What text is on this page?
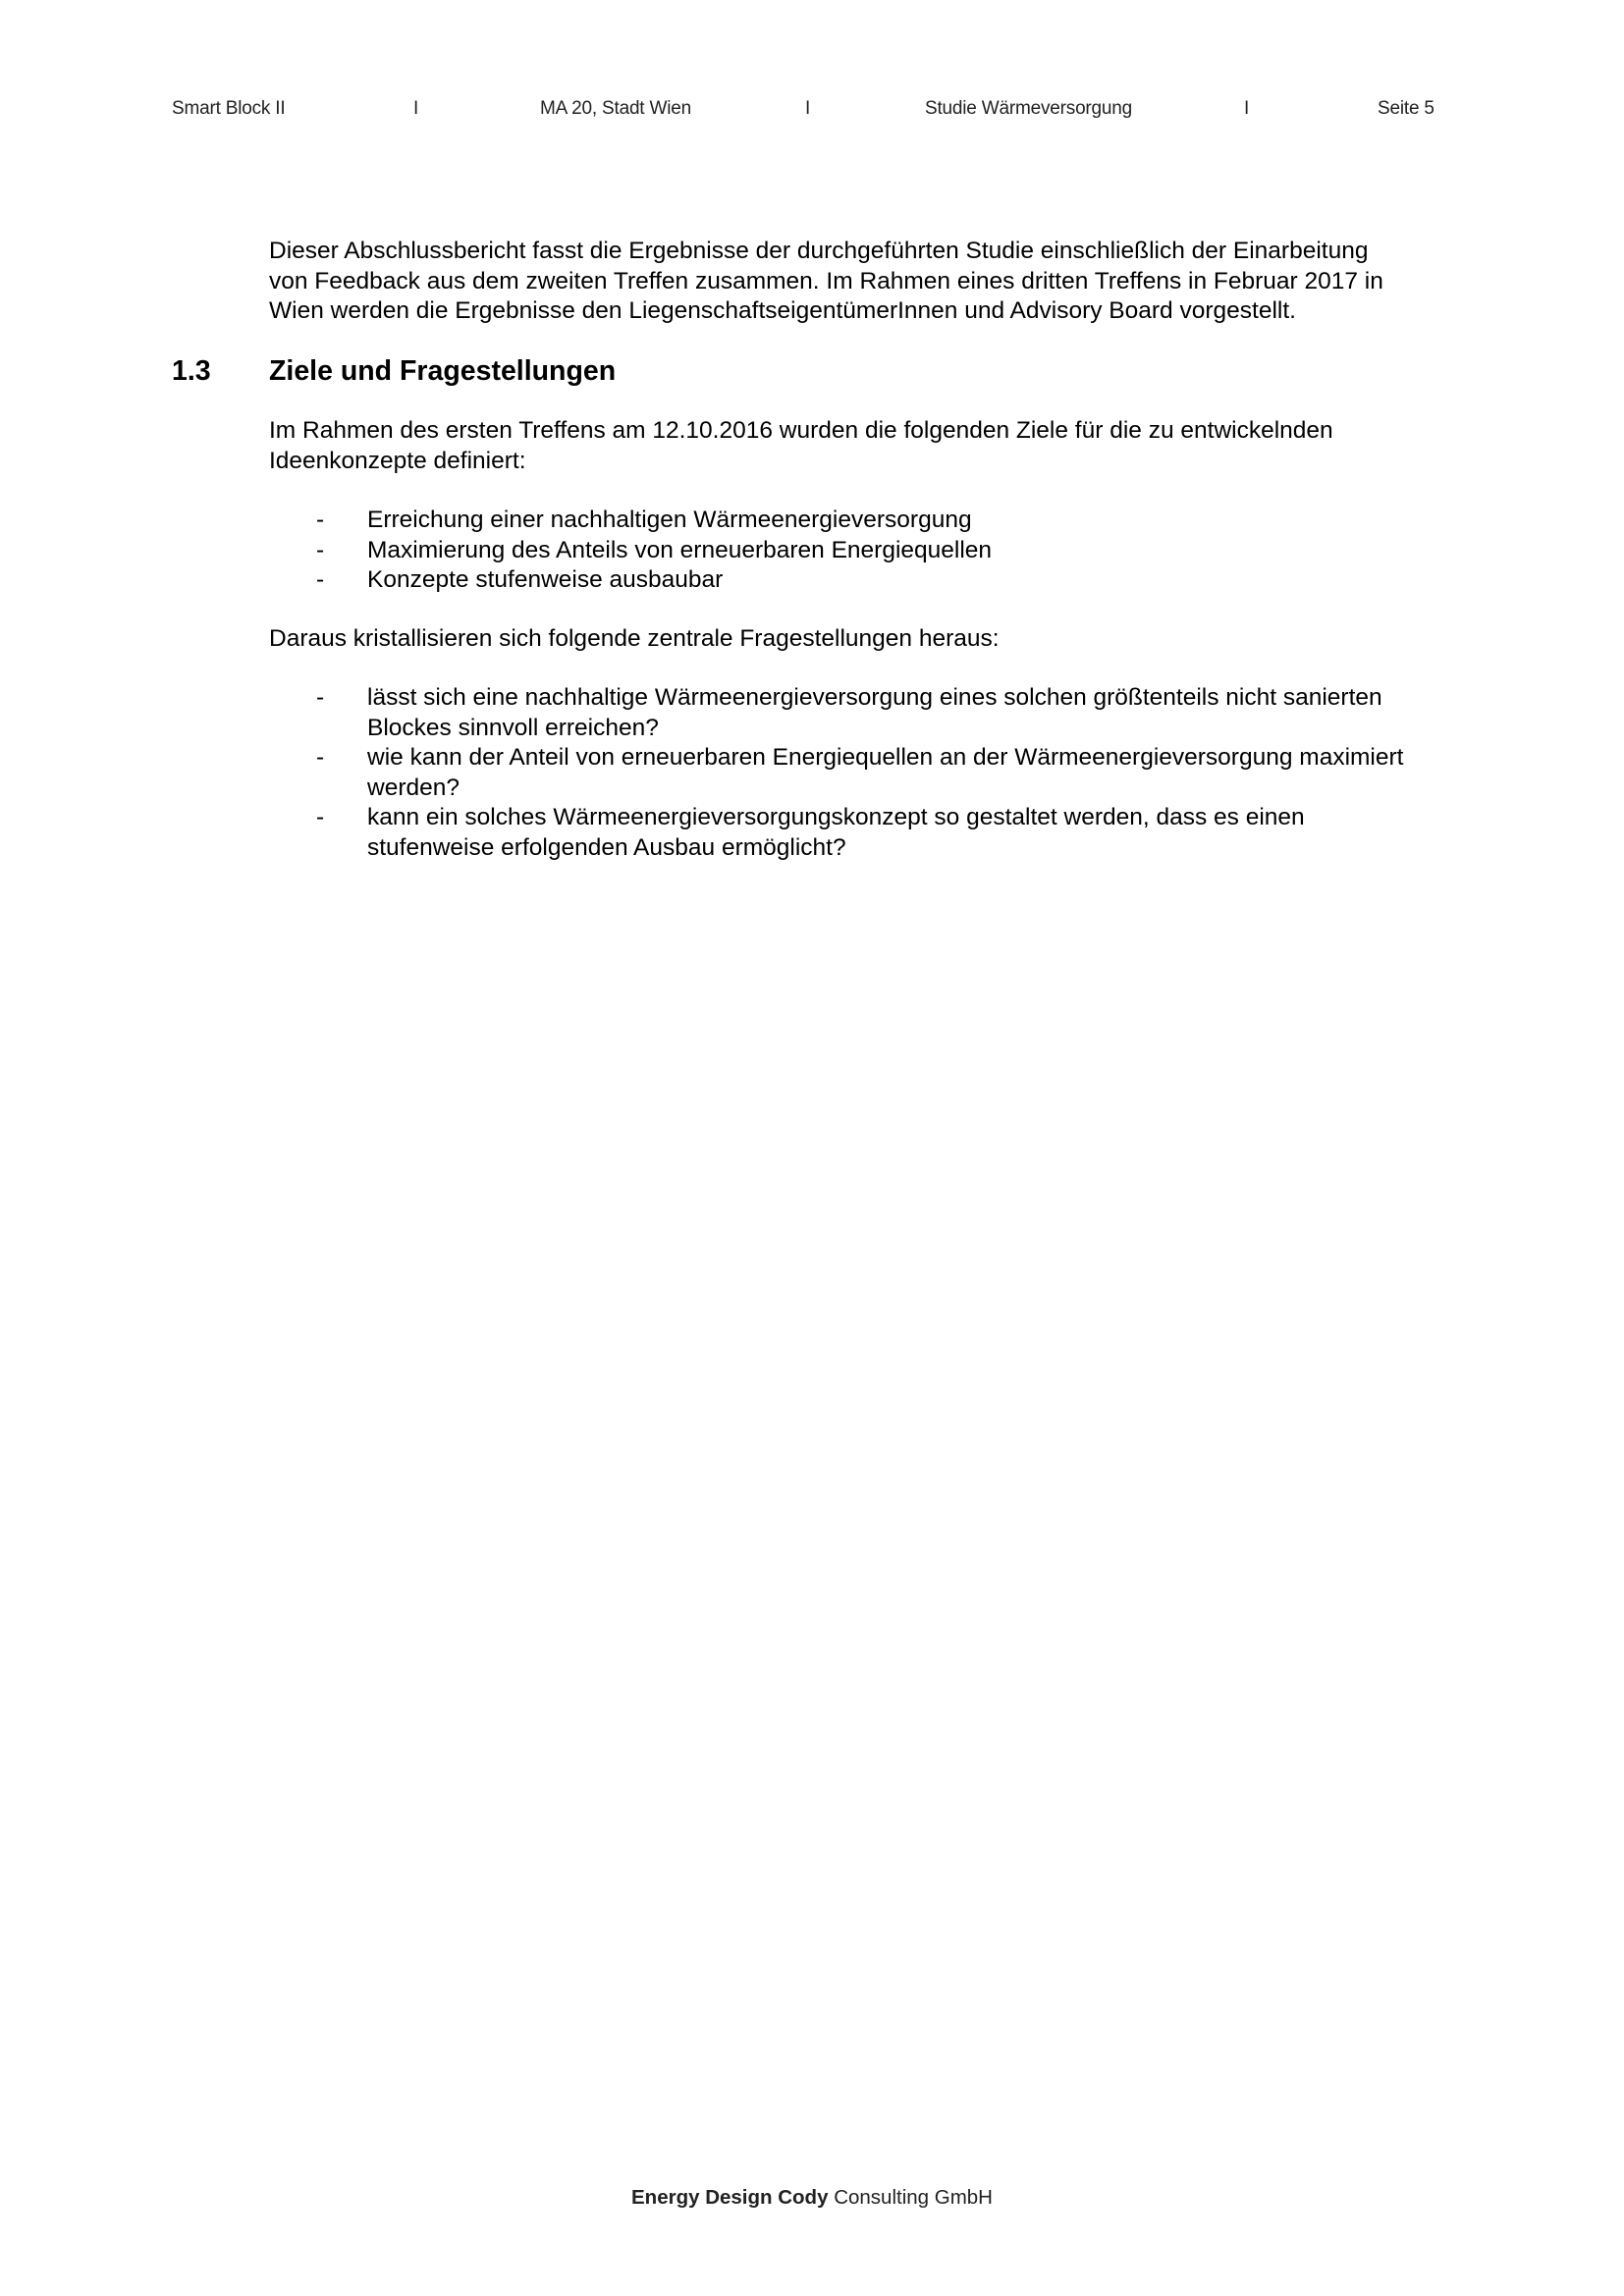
Smart Block II	I	MA 20, Stadt Wien	I	Studie Wärmeversorgung	I	Seite 5

Dieser Abschlussbericht fasst die Ergebnisse der durchgeführten Studie einschließlich der Einarbeitung
von Feedback aus dem zweiten Treffen zusammen. Im Rahmen eines dritten Treffens in Februar 2017 in
Wien werden die Ergebnisse den LiegenschaftseigentümerInnen und Advisory Board vorgestellt.

1.3 Ziele und Fragestellungen

Im Rahmen des ersten Treffens am 12.10.2016 wurden die folgenden Ziele für die zu entwickelnden
Ideenkonzepte definiert:

- Erreichung einer nachhaltigen Wärmeenergieversorgung
- Maximierung des Anteils von erneuerbaren Energiequellen
- Konzepte stufenweise ausbaubar

Daraus kristallisieren sich folgende zentrale Fragestellungen heraus:

- lässt sich eine nachhaltige Wärmeenergieversorgung eines solchen größtenteils nicht sanierten
Blockes sinnvoll erreichen?
- wie kann der Anteil von erneuerbaren Energiequellen an der Wärmeenergieversorgung maximiert
werden?
- kann ein solches Wärmeenergieversorgungskonzept so gestaltet werden, dass es einen
stufenweise erfolgenden Ausbau ermöglicht?
Energy Design Cody Consulting GmbH
